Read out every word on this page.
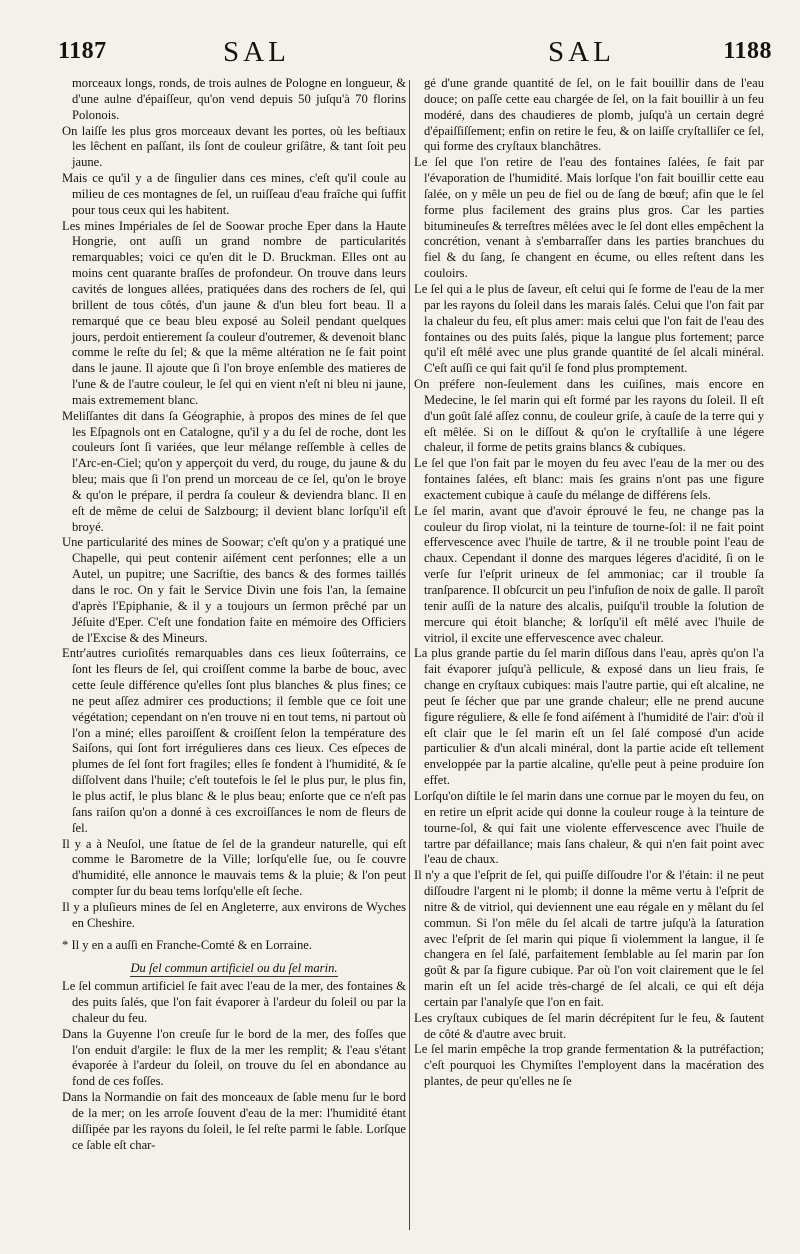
1187	SAL	SAL	1188

morceaux longs, ronds, de trois aulnes de Pologne en longueur, & d'une aulne d'épaiſſeur, qu'on vend depuis 50 juſqu'à 70 florins Polonois.

On laiſſe les plus gros morceaux devant les portes, où les beſtiaux les lêchent en paſſant, ils ſont de couleur griſâtre, & tant ſoit peu jaune.

Mais ce qu'il y a de ſingulier dans ces mines, c'eſt qu'il coule au milieu de ces montagnes de ſel, un ruiſſeau d'eau fraîche qui ſuffit pour tous ceux qui les habitent.

Les mines Impériales de ſel de Soowar proche Eper dans la Haute Hongrie, ont auſſi un grand nombre de particularités remarquables; voici ce qu'en dit le D. Bruckman. Elles ont au moins cent quarante braſſes de profondeur. On trouve dans leurs cavités de longues allées, pratiquées dans des rochers de ſel, qui brillent de tous côtés, d'un jaune & d'un bleu fort beau. Il a remarqué que ce beau bleu exposé au Soleil pendant quelques jours, perdoit entierement ſa couleur d'outremer, & devenoit blanc comme le reſte du ſel; & que la même altération ne ſe fait point dans le jaune. Il ajoute que ſi l'on broye enſemble des matieres de l'une & de l'autre couleur, le ſel qui en vient n'eſt ni bleu ni jaune, mais extremement blanc.

Meliſſantes dit dans ſa Géographie, à propos des mines de ſel que les Eſpagnols ont en Catalogne, qu'il y a du ſel de roche, dont les couleurs ſont ſi variées, que leur mélange reſſemble à celles de l'Arc-en-Ciel; qu'on y apperçoit du verd, du rouge, du jaune & du bleu; mais que ſi l'on prend un morceau de ce ſel, qu'on le broye & qu'on le prépare, il perdra ſa couleur & deviendra blanc. Il en eſt de même de celui de Salzbourg; il devient blanc lorſqu'il eſt broyé.

Une particularité des mines de Soowar; c'eſt qu'on y a pratiqué une Chapelle, qui peut contenir aiſément cent perſonnes; elle a un Autel, un pupitre; une Sacriſtie, des bancs & des formes taillés dans le roc. On y fait le Service Divin une fois l'an, la ſemaine d'après l'Epiphanie, & il y a toujours un ſermon prêché par un Jéſuite d'Eper. C'eſt une fondation faite en mémoire des Officiers de l'Excise & des Mineurs.

Entr'autres curioſités remarquables dans ces lieux ſoûterrains, ce ſont les fleurs de ſel, qui croiſſent comme la barbe de bouc, avec cette ſeule différence qu'elles ſont plus blanches & plus fines; ce ne peut aſſez admirer ces productions; il ſemble que ce ſoit une végétation; cependant on n'en trouve ni en tout tems, ni partout où l'on a miné; elles paroiſſent & croiſſent ſelon la température des Saiſons, qui ſont fort irrégulieres dans ces lieux. Ces eſpeces de plumes de ſel ſont fort fragiles; elles ſe fondent à l'humidité, & ſe diſſolvent dans l'huile; c'eſt toutefois le ſel le plus pur, le plus fin, le plus actif, le plus blanc & le plus beau; enſorte que ce n'eſt pas ſans raiſon qu'on a donné à ces excroiſſances le nom de fleurs de ſel.

Il y a à Neuſol, une ſtatue de ſel de la grandeur naturelle, qui eſt comme le Barometre de la Ville; lorſqu'elle ſue, ou ſe couvre d'humidité, elle annonce le mauvais tems & la pluie; & l'on peut compter ſur du beau tems lorſqu'elle eſt ſeche.

Il y a pluſieurs mines de ſel en Angleterre, aux environs de Wyches en Cheshire.

* Il y en a auſſi en Franche-Comté & en Lorraine.

Du ſel commun artificiel ou du ſel marin.

Le ſel commun artificiel ſe fait avec l'eau de la mer, des fontaines & des puits ſalés, que l'on fait évaporer à l'ardeur du ſoleil ou par la chaleur du feu.

Dans la Guyenne l'on creuſe ſur le bord de la mer, des foſſes que l'on enduit d'argile: le flux de la mer les remplit; & l'eau s'étant évaporée à l'ardeur du ſoleil, on trouve du ſel en abondance au fond de ces foſſes.

Dans la Normandie on fait des monceaux de ſable menu ſur le bord de la mer; on les arroſe ſouvent d'eau de la mer: l'humidité étant diſſipée par les rayons du ſoleil, le ſel reſte parmi le ſable. Lorſque ce ſable eſt char-

gé d'une grande quantité de ſel, on le fait bouillir dans de l'eau douce; on paſſe cette eau chargée de ſel, on la fait bouillir à un feu modéré, dans des chaudieres de plomb, juſqu'à un certain degré d'épaiſſiſſement; enfin on retire le feu, & on laiſſe cryſtalliſer ce ſel, qui forme des cryſtaux blanchâtres.

Le ſel que l'on retire de l'eau des fontaines ſalées, ſe fait par l'évaporation de l'humidité. Mais lorſque l'on fait bouillir cette eau ſalée, on y mêle un peu de fiel ou de ſang de bœuf; afin que le ſel forme plus facilement des grains plus gros. Car les parties bitumineuſes & terreſtres mêlées avec le ſel dont elles empêchent la concrétion, venant à s'embarraſſer dans les parties branchues du fiel & du ſang, ſe changent en écume, ou elles reſtent dans les couloirs.

Le ſel qui a le plus de ſaveur, eſt celui qui ſe forme de l'eau de la mer par les rayons du ſoleil dans les marais ſalés. Celui que l'on fait par la chaleur du feu, eſt plus amer: mais celui que l'on fait de l'eau des fontaines ou des puits ſalés, pique la langue plus fortement; parce qu'il eſt mêlé avec une plus grande quantité de ſel alcali minéral. C'eſt auſſi ce qui fait qu'il ſe fond plus promptement.

On préfere non-ſeulement dans les cuiſines, mais encore en Medecine, le ſel marin qui eſt formé par les rayons du ſoleil. Il eſt d'un goût ſalé aſſez connu, de couleur griſe, à cauſe de la terre qui y eſt mêlée. Si on le diſſout & qu'on le cryſtalliſe à une légere chaleur, il forme de petits grains blancs & cubiques.

Le ſel que l'on fait par le moyen du feu avec l'eau de la mer ou des fontaines ſalées, eſt blanc: mais ſes grains n'ont pas une figure exactement cubique à cauſe du mélange de différens ſels.

Le ſel marin, avant que d'avoir éprouvé le feu, ne change pas la couleur du ſirop violat, ni la teinture de tourne-ſol: il ne fait point effervescence avec l'huile de tartre, & il ne trouble point l'eau de chaux. Cependant il donne des marques légeres d'acidité, ſi on le verſe ſur l'eſprit urineux de ſel ammoniac; car il trouble ſa tranſparence. Il obſcurcit un peu l'infuſion de noix de galle. Il paroît tenir auſſi de la nature des alcalis, puiſqu'il trouble la ſolution de mercure qui étoit blanche; & lorſqu'il eſt mêlé avec l'huile de vitriol, il excite une effervescence avec chaleur.

La plus grande partie du ſel marin diſſous dans l'eau, après qu'on l'a fait évaporer juſqu'à pellicule, & exposé dans un lieu frais, ſe change en cryſtaux cubiques: mais l'autre partie, qui eſt alcaline, ne peut ſe ſécher que par une grande chaleur; elle ne prend aucune figure réguliere, & elle ſe fond aiſément à l'humidité de l'air: d'où il eſt clair que le ſel marin eſt un ſel ſalé composé d'un acide particulier & d'un alcali minéral, dont la partie acide eſt tellement enveloppée par la partie alcaline, qu'elle peut à peine produire ſon effet.

Lorſqu'on diſtile le ſel marin dans une cornue par le moyen du feu, on en retire un eſprit acide qui donne la couleur rouge à la teinture de tourne-ſol, & qui fait une violente effervescence avec l'huile de tartre par défaillance; mais ſans chaleur, & qui n'en fait point avec l'eau de chaux.

Il n'y a que l'eſprit de ſel, qui puiſſe diſſoudre l'or & l'étain: il ne peut diſſoudre l'argent ni le plomb; il donne la même vertu à l'eſprit de nitre & de vitriol, qui deviennent une eau régale en y mêlant du ſel commun. Si l'on mêle du ſel alcali de tartre juſqu'à la ſaturation avec l'eſprit de ſel marin qui pique ſi violemment la langue, il ſe changera en ſel ſalé, parfaitement ſemblable au ſel marin par ſon goût & par ſa figure cubique. Par où l'on voit clairement que le ſel marin eſt un ſel acide très-chargé de ſel alcali, ce qui eſt déja certain par l'analyſe que l'on en fait.

Les cryſtaux cubiques de ſel marin décrépitent ſur le feu, & ſautent de côté & d'autre avec bruit.

Le ſel marin empêche la trop grande fermentation & la putréfaction; c'eſt pourquoi les Chymiſtes l'employent dans la macération des plantes, de peur qu'elles ne ſe
